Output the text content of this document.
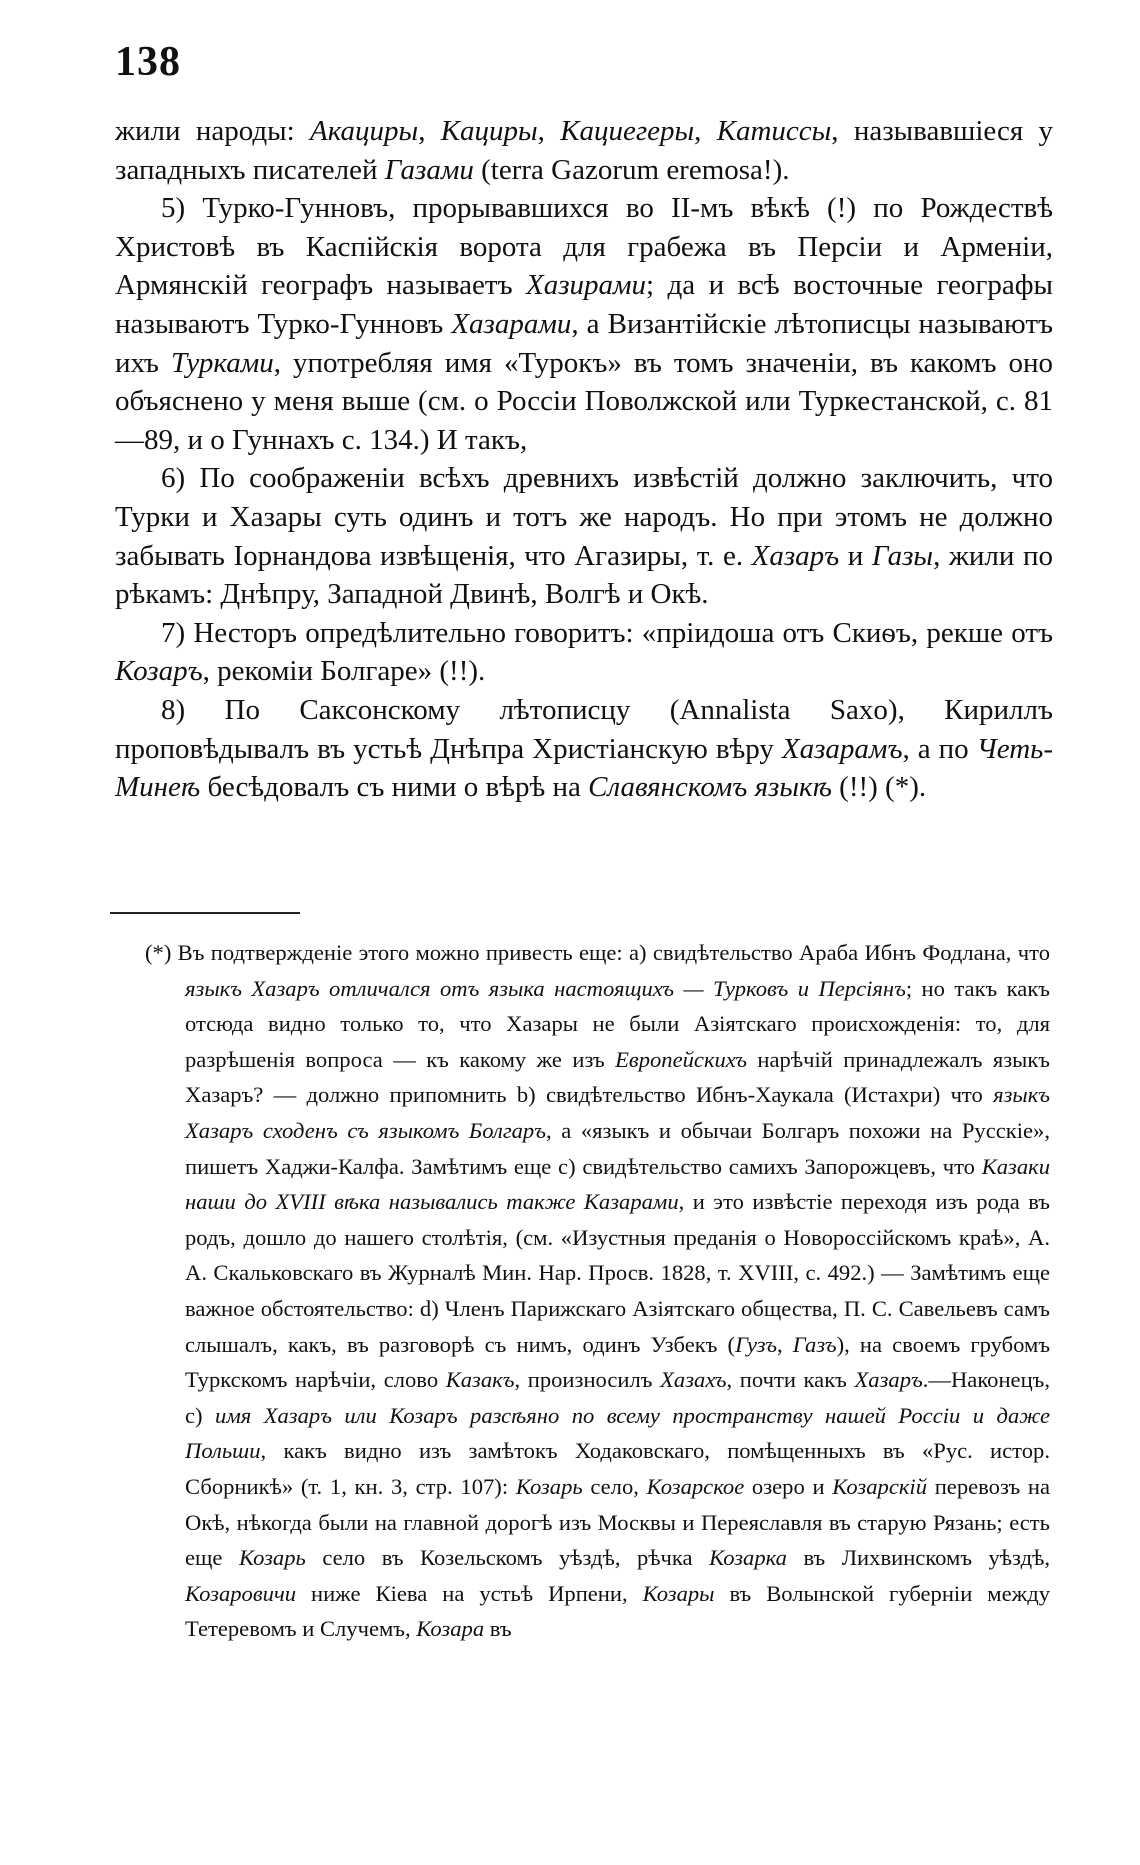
138

жили народы: Акациры, Кациры, Кациегеры, Катиссы, называвшіеся у западныхъ писателей Газами (terra Gazorum eremosa!).

5) Турко-Гунновъ, прорывавшихся во II-мъ вѣкѣ (!) по Рождествѣ Христовѣ въ Каспійскія ворота для грабежа въ Персіи и Арменіи, Армянскій географъ называетъ Хазирами; да и всѣ восточные географы называютъ Турко-Гунновъ Хазарами, а Византійскіе лѣтописцы называютъ ихъ Турками, употребляя имя «Турокъ» въ томъ значеніи, въ какомъ оно объяснено у меня выше (см. о Россіи Поволжской или Туркестанской, с. 81—89, и о Гуннахъ с. 134.) И такъ,

6) По соображеніи всѣхъ древнихъ извѣстій должно заключить, что Турки и Хазары суть одинъ и тотъ же народъ. Но при этомъ не должно забывать Іорнандова извѣщенія, что Агазиры, т. е. Хазаръ и Газы, жили по рѣкамъ: Днѣпру, Западной Двинѣ, Волгѣ и Окѣ.

7) Несторъ опредѣлительно говоритъ: «пріидоша отъ Скиѳъ, рекше отъ Козаръ, рекоміи Болгаре» (!!).

8) По Саксонскому лѣтописцу (Annalista Saxo), Кириллъ проповѣдывалъ въ устьѣ Днѣпра Христіанскую вѣру Хазарамъ, а по Четь-Минеѣ бесѣдовалъ съ ними о вѣрѣ на Славянскомъ языкѣ (!!) (*).

(*) Въ подтвержденіе этого можно привесть еще: а) свидѣтельство Араба Ибнъ Фодлана, что языкъ Хазаръ отличался отъ языка настоящихъ — Турковъ и Персіянъ; но такъ какъ отсюда видно только то, что Хазары не были Азіятскаго происхожденія: то, для разрѣшенія вопроса — къ какому же изъ Европейскихъ нарѣчій принадлежалъ языкъ Хазаръ? — должно припомнить b) свидѣтельство Ибнъ-Хаукала (Истахри) что языкъ Хазаръ сходенъ съ языкомъ Болгаръ, а «языкъ и обычаи Болгаръ похожи на Русскіе», пишетъ Хаджи-Калфа. Замѣтимъ еще c) свидѣтельство самихъ Запорожцевъ, что Казаки наши до XVIII вѣка назывались также Казарами, и это извѣстіе переходя изъ рода въ родъ, дошло до нашего столѣтія, (см. «Изустныя преданія о Новороссійскомъ краѣ», А. А. Скальковскаго въ Журналѣ Мин. Нар. Просв. 1828, т. XVIII, с. 492.) — Замѣтимъ еще важное обстоятельство: d) Членъ Парижскаго Азіятскаго общества, П. С. Савельевъ самъ слышалъ, какъ, въ разговорѣ съ нимъ, одинъ Узбекъ (Гузъ, Газъ), на своемъ грубомъ Туркскомъ нарѣчіи, слово Казакъ, произносилъ Хазахъ, почти какъ Хазаръ.—Наконецъ, c) имя Хазаръ или Козаръ разсѣяно по всему пространству нашей Россіи и даже Польши, какъ видно изъ замѣтокъ Ходаковскаго, помѣщенныхъ въ «Рус. истор. Сборникѣ» (т. 1, кн. 3, стр. 107): Козарь село, Козарское озеро и Козарскій перевозъ на Окѣ, нѣкогда были на главной дорогѣ изъ Москвы и Переяславля въ старую Рязань; есть еще Козарь село въ Козельскомъ уѣздѣ, рѣчка Козарка въ Лихвинскомъ уѣздѣ, Козаровичи ниже Кіева на устьѣ Ирпени, Козары въ Волынской губерніи между Тетеревомъ и Случемъ, Козара въ
